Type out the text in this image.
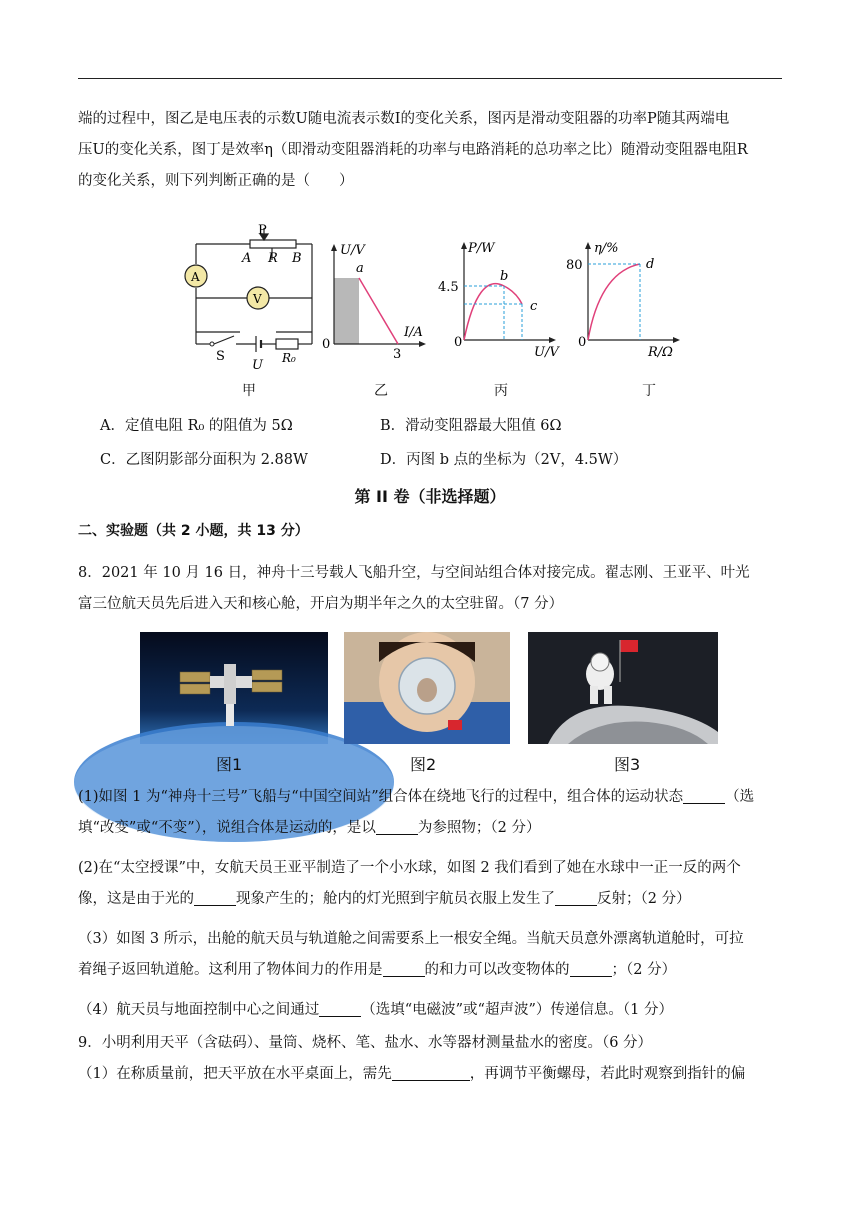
端的过程中，图乙是电压表的示数U随电流表示数I的变化关系，图丙是滑动变阻器的功率P随其两端电
压U的变化关系，图丁是效率η（即滑动变阻器消耗的功率与电路消耗的总功率之比）随滑动变阻器电阻R
的变化关系，则下列判断正确的是（　　）
A
V
P
A R B
S
U R₀
U/V
I/A
0
a
3
P/W
U/V
0
4.5
b
c
η/%
R/Ω
0
80	d
甲	乙	丙	丁
A．定值电阻 R₀ 的阻值为 5Ω	B．滑动变阻器最大阻值 6Ω
C．乙图阴影部分面积为 2.88W	D．丙图 b 点的坐标为（2V，4.5W）
第 II 卷（非选择题）
二、实验题（共 2 小题，共 13 分）
8．2021 年 10 月 16 日，神舟十三号载人飞船升空，与空间站组合体对接完成。翟志刚、王亚平、叶光
富三位航天员先后进入天和核心舱，开启为期半年之久的太空驻留。（7 分）
图1	图2	图3
(1)如图 1 为“神舟十三号”飞船与“中国空间站”组合体在绕地飞行的过程中，组合体的运动状态	（选
填“改变”或“不变”），说组合体是运动的，是以	为参照物；（2 分）
(2)在“太空授课”中，女航天员王亚平制造了一个小水球，如图 2 我们看到了她在水球中一正一反的两个
像，这是由于光的	现象产生的；舱内的灯光照到宇航员衣服上发生了	反射；（2 分）
（3）如图 3 所示，出舱的航天员与轨道舱之间需要系上一根安全绳。当航天员意外漂离轨道舱时，可拉
着绳子返回轨道舱。这利用了物体间力的作用是	的和力可以改变物体的	；（2 分）
（4）航天员与地面控制中心之间通过	（选填“电磁波”或“超声波”）传递信息。（1 分）
9．小明利用天平（含砝码）、量筒、烧杯、笔、盐水、水等器材测量盐水的密度。（6 分）
（1）在称质量前，把天平放在水平桌面上，需先	，再调节平衡螺母，若此时观察到指针的偏
